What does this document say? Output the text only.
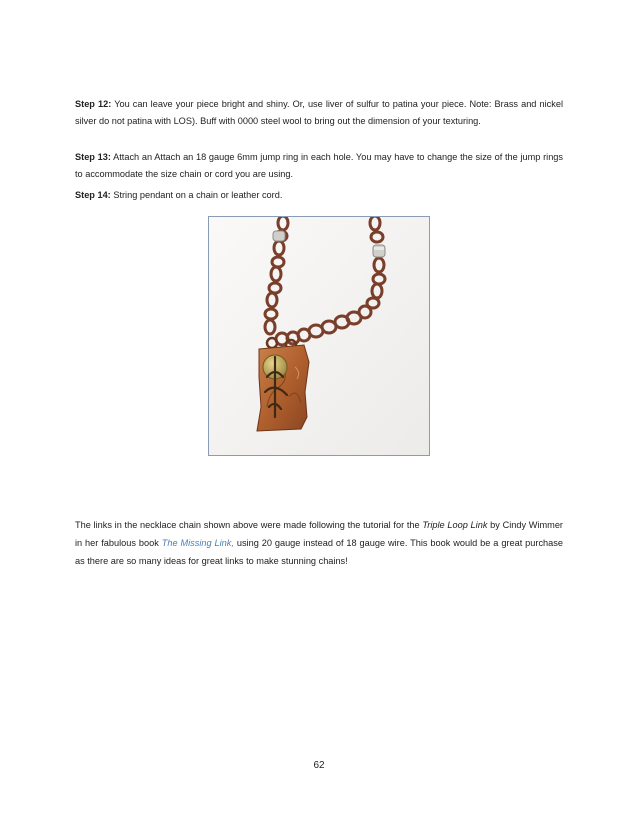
Step 12: You can leave your piece bright and shiny. Or, use liver of sulfur to patina your piece. Note: Brass and nickel silver do not patina with LOS). Buff with 0000 steel wool to bring out the dimension of your texturing.

Step 13: Attach an Attach an 18 gauge 6mm jump ring in each hole. You may have to change the size of the jump rings to accommodate the size chain or cord you are using.

Step 14: String pendant on a chain or leather cord.

The links in the necklace chain shown above were made following the tutorial for the Triple Loop Link by Cindy Wimmer in her fabulous book The Missing Link, using 20 gauge instead of 18 gauge wire. This book would be a great purchase as there are so many ideas for great links to make stunning chains!

62
